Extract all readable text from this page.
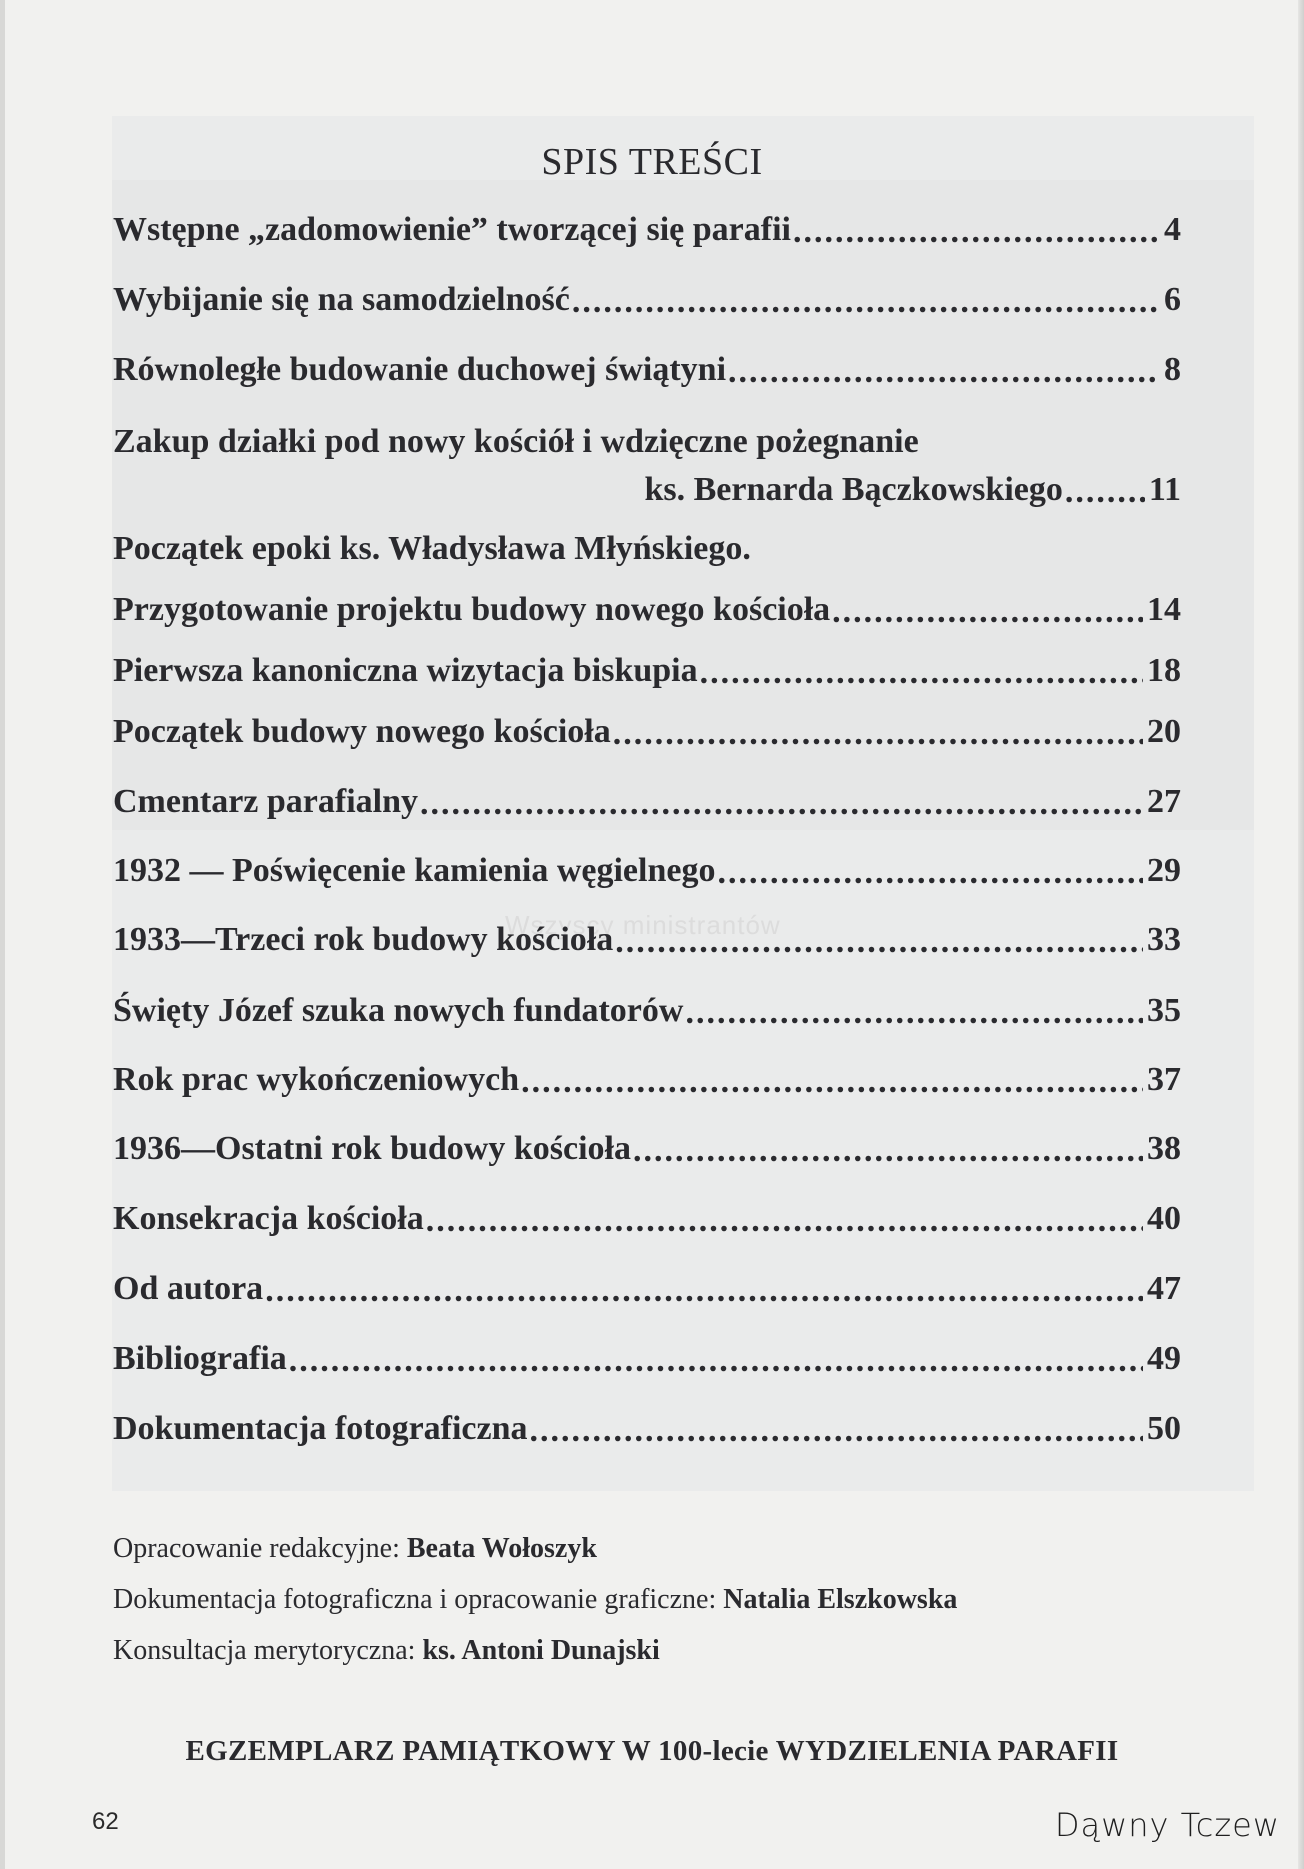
Wszyscy ministrantów
SPIS TREŚCI
Wstępne „zadomowienie” tworzącej się parafii .....	4
Wybijanie się na samodzielność .....	6
Równoległe budowanie duchowej świątyni .....	8
Zakup działki pod nowy kościół i wdzięczne pożegnanie
ks. Bernarda Bączkowskiego .....	11
Początek epoki ks. Władysława Młyńskiego.
Przygotowanie projektu budowy nowego kościoła .....	14
Pierwsza kanoniczna wizytacja biskupia .....	18
Początek budowy nowego kościoła .....	20
Cmentarz parafialny .....	27
1932 — Poświęcenie kamienia węgielnego .....	29
1933—Trzeci rok budowy kościoła .....	33
Święty Józef szuka nowych fundatorów .....	35
Rok prac wykończeniowych .....	37
1936—Ostatni rok budowy kościoła .....	38
Konsekracja kościoła .....	40
Od autora .....	47
Bibliografia .....	49
Dokumentacja fotograficzna .....	50
Opracowanie redakcyjne: Beata Wołoszyk
Dokumentacja fotograficzna i opracowanie graficzne: Natalia Elszkowska
Konsultacja merytoryczna: ks. Antoni Dunajski
EGZEMPLARZ PAMIĄTKOWY W 100-lecie WYDZIELENIA PARAFII
62	Dąwny Tczew
